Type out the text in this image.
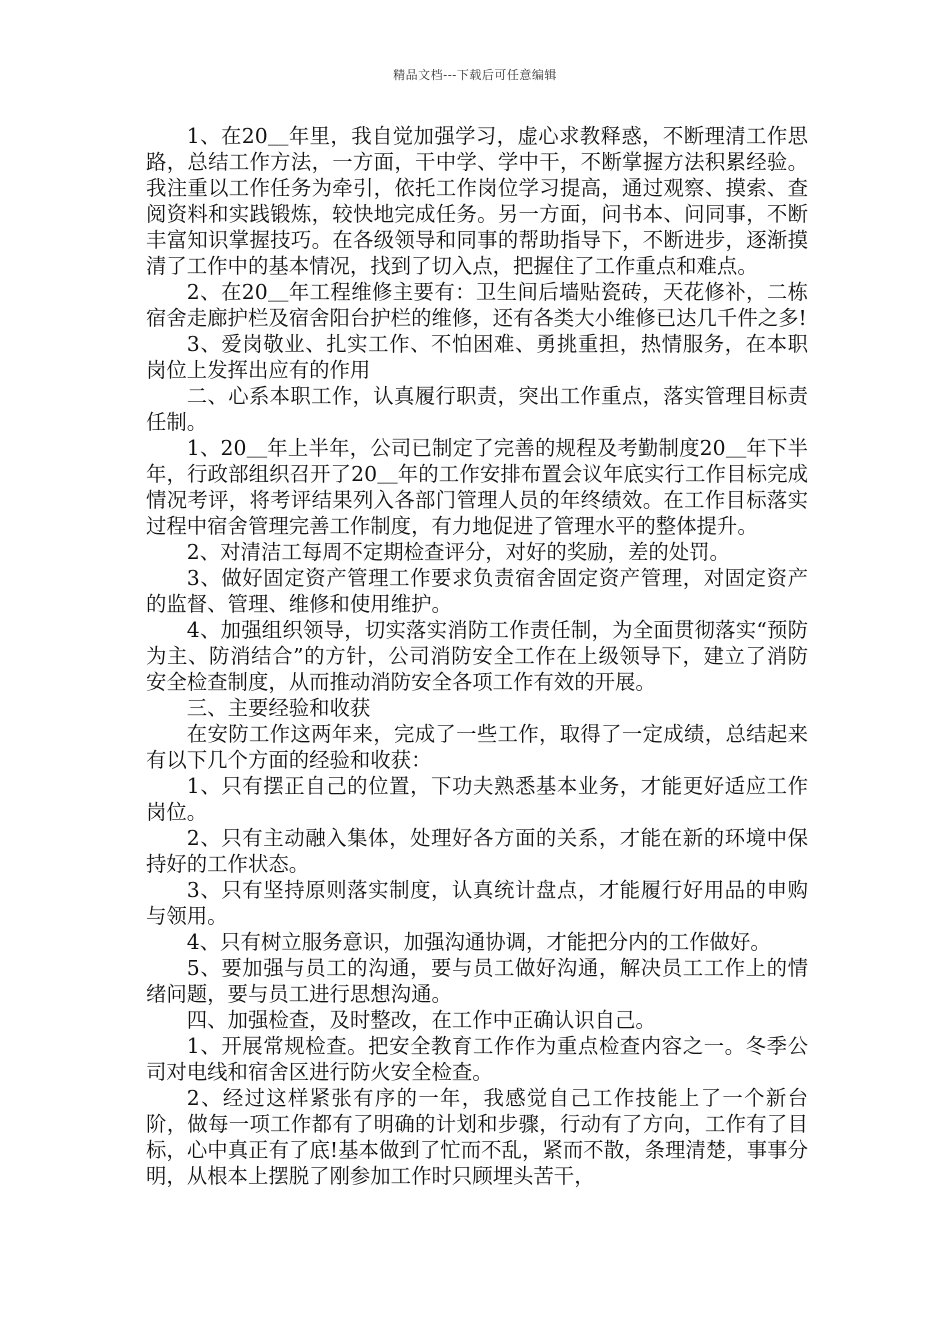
精品文档---下载后可任意编辑

1、在20＿年里，我自觉加强学习，虚心求教释惑，不断理清工作思路，总结工作方法，一方面，干中学、学中干，不断掌握方法积累经验。我注重以工作任务为牵引，依托工作岗位学习提高，通过观察、摸索、查阅资料和实践锻炼，较快地完成任务。另一方面，问书本、问同事，不断丰富知识掌握技巧。在各级领导和同事的帮助指导下，不断进步，逐渐摸清了工作中的基本情况，找到了切入点，把握住了工作重点和难点。

2、在20＿年工程维修主要有：卫生间后墙贴瓷砖，天花修补，二栋宿舍走廊护栏及宿舍阳台护栏的维修，还有各类大小维修已达几千件之多!

3、爱岗敬业、扎实工作、不怕困难、勇挑重担，热情服务，在本职岗位上发挥出应有的作用

二、心系本职工作，认真履行职责，突出工作重点，落实管理目标责任制。

1、20＿年上半年，公司已制定了完善的规程及考勤制度20＿年下半年，行政部组织召开了20＿年的工作安排布置会议年底实行工作目标完成情况考评，将考评结果列入各部门管理人员的年终绩效。在工作目标落实过程中宿舍管理完善工作制度，有力地促进了管理水平的整体提升。

2、对清洁工每周不定期检查评分，对好的奖励，差的处罚。

3、做好固定资产管理工作要求负责宿舍固定资产管理，对固定资产的监督、管理、维修和使用维护。

4、加强组织领导，切实落实消防工作责任制，为全面贯彻落实“预防为主、防消结合”的方针，公司消防安全工作在上级领导下，建立了消防安全检查制度，从而推动消防安全各项工作有效的开展。

三、主要经验和收获

在安防工作这两年来，完成了一些工作，取得了一定成绩，总结起来有以下几个方面的经验和收获：

1、只有摆正自己的位置，下功夫熟悉基本业务，才能更好适应工作岗位。

2、只有主动融入集体，处理好各方面的关系，才能在新的环境中保持好的工作状态。

3、只有坚持原则落实制度，认真统计盘点，才能履行好用品的申购与领用。

4、只有树立服务意识，加强沟通协调，才能把分内的工作做好。

5、要加强与员工的沟通，要与员工做好沟通，解决员工工作上的情绪问题，要与员工进行思想沟通。

四、加强检查，及时整改，在工作中正确认识自己。

1、开展常规检查。把安全教育工作作为重点检查内容之一。冬季公司对电线和宿舍区进行防火安全检查。

2、经过这样紧张有序的一年，我感觉自己工作技能上了一个新台阶，做每一项工作都有了明确的计划和步骤，行动有了方向，工作有了目标，心中真正有了底!基本做到了忙而不乱，紧而不散，条理清楚，事事分明，从根本上摆脱了刚参加工作时只顾埋头苦干，
